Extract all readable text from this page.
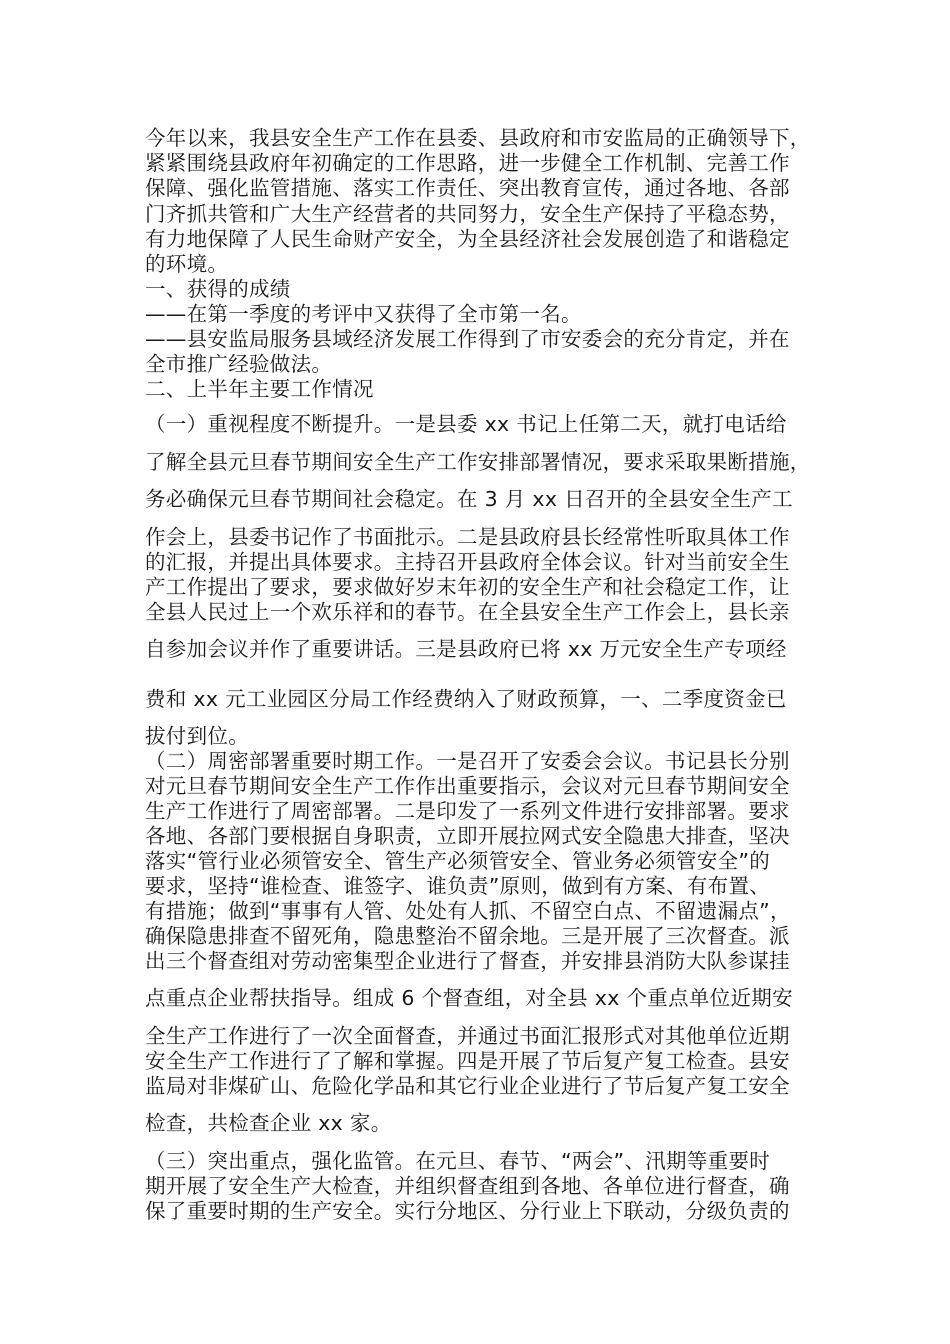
今年以来，我县安全生产工作在县委、县政府和市安监局的正确领导下，
紧紧围绕县政府年初确定的工作思路，进一步健全工作机制、完善工作
保障、强化监管措施、落实工作责任、突出教育宣传，通过各地、各部
门齐抓共管和广大生产经营者的共同努力，安全生产保持了平稳态势，
有力地保障了人民生命财产安全，为全县经济社会发展创造了和谐稳定
的环境。
一、获得的成绩
——在第一季度的考评中又获得了全市第一名。
——县安监局服务县域经济发展工作得到了市安委会的充分肯定，并在
全市推广经验做法。
二、上半年主要工作情况
（一）重视程度不断提升。一是县委 xx 书记上任第二天，就打电话给
了解全县元旦春节期间安全生产工作安排部署情况，要求采取果断措施，
务必确保元旦春节期间社会稳定。在 3 月 xx 日召开的全县安全生产工
作会上，县委书记作了书面批示。二是县政府县长经常性听取具体工作
的汇报，并提出具体要求。主持召开县政府全体会议。针对当前安全生
产工作提出了要求，要求做好岁末年初的安全生产和社会稳定工作，让
全县人民过上一个欢乐祥和的春节。在全县安全生产工作会上，县长亲
自参加会议并作了重要讲话。三是县政府已将 xx 万元安全生产专项经
费和 xx 元工业园区分局工作经费纳入了财政预算，一、二季度资金已
拔付到位。
（二）周密部署重要时期工作。一是召开了安委会会议。书记县长分别
对元旦春节期间安全生产工作作出重要指示，会议对元旦春节期间安全
生产工作进行了周密部署。二是印发了一系列文件进行安排部署。要求
各地、各部门要根据自身职责，立即开展拉网式安全隐患大排查，坚决
落实“管行业必须管安全、管生产必须管安全、管业务必须管安全”的
要求，坚持“谁检查、谁签字、谁负责”原则，做到有方案、有布置、
有措施；做到“事事有人管、处处有人抓、不留空白点、不留遗漏点”，
确保隐患排查不留死角，隐患整治不留余地。三是开展了三次督查。派
出三个督查组对劳动密集型企业进行了督查，并安排县消防大队参谋挂
点重点企业帮扶指导。组成 6 个督查组，对全县 xx 个重点单位近期安
全生产工作进行了一次全面督查，并通过书面汇报形式对其他单位近期
安全生产工作进行了了解和掌握。四是开展了节后复产复工检查。县安
监局对非煤矿山、危险化学品和其它行业企业进行了节后复产复工安全
检查，共检查企业 xx 家。
（三）突出重点，强化监管。在元旦、春节、“两会”、汛期等重要时
期开展了安全生产大检查，并组织督查组到各地、各单位进行督查，确
保了重要时期的生产安全。实行分地区、分行业上下联动，分级负责的
